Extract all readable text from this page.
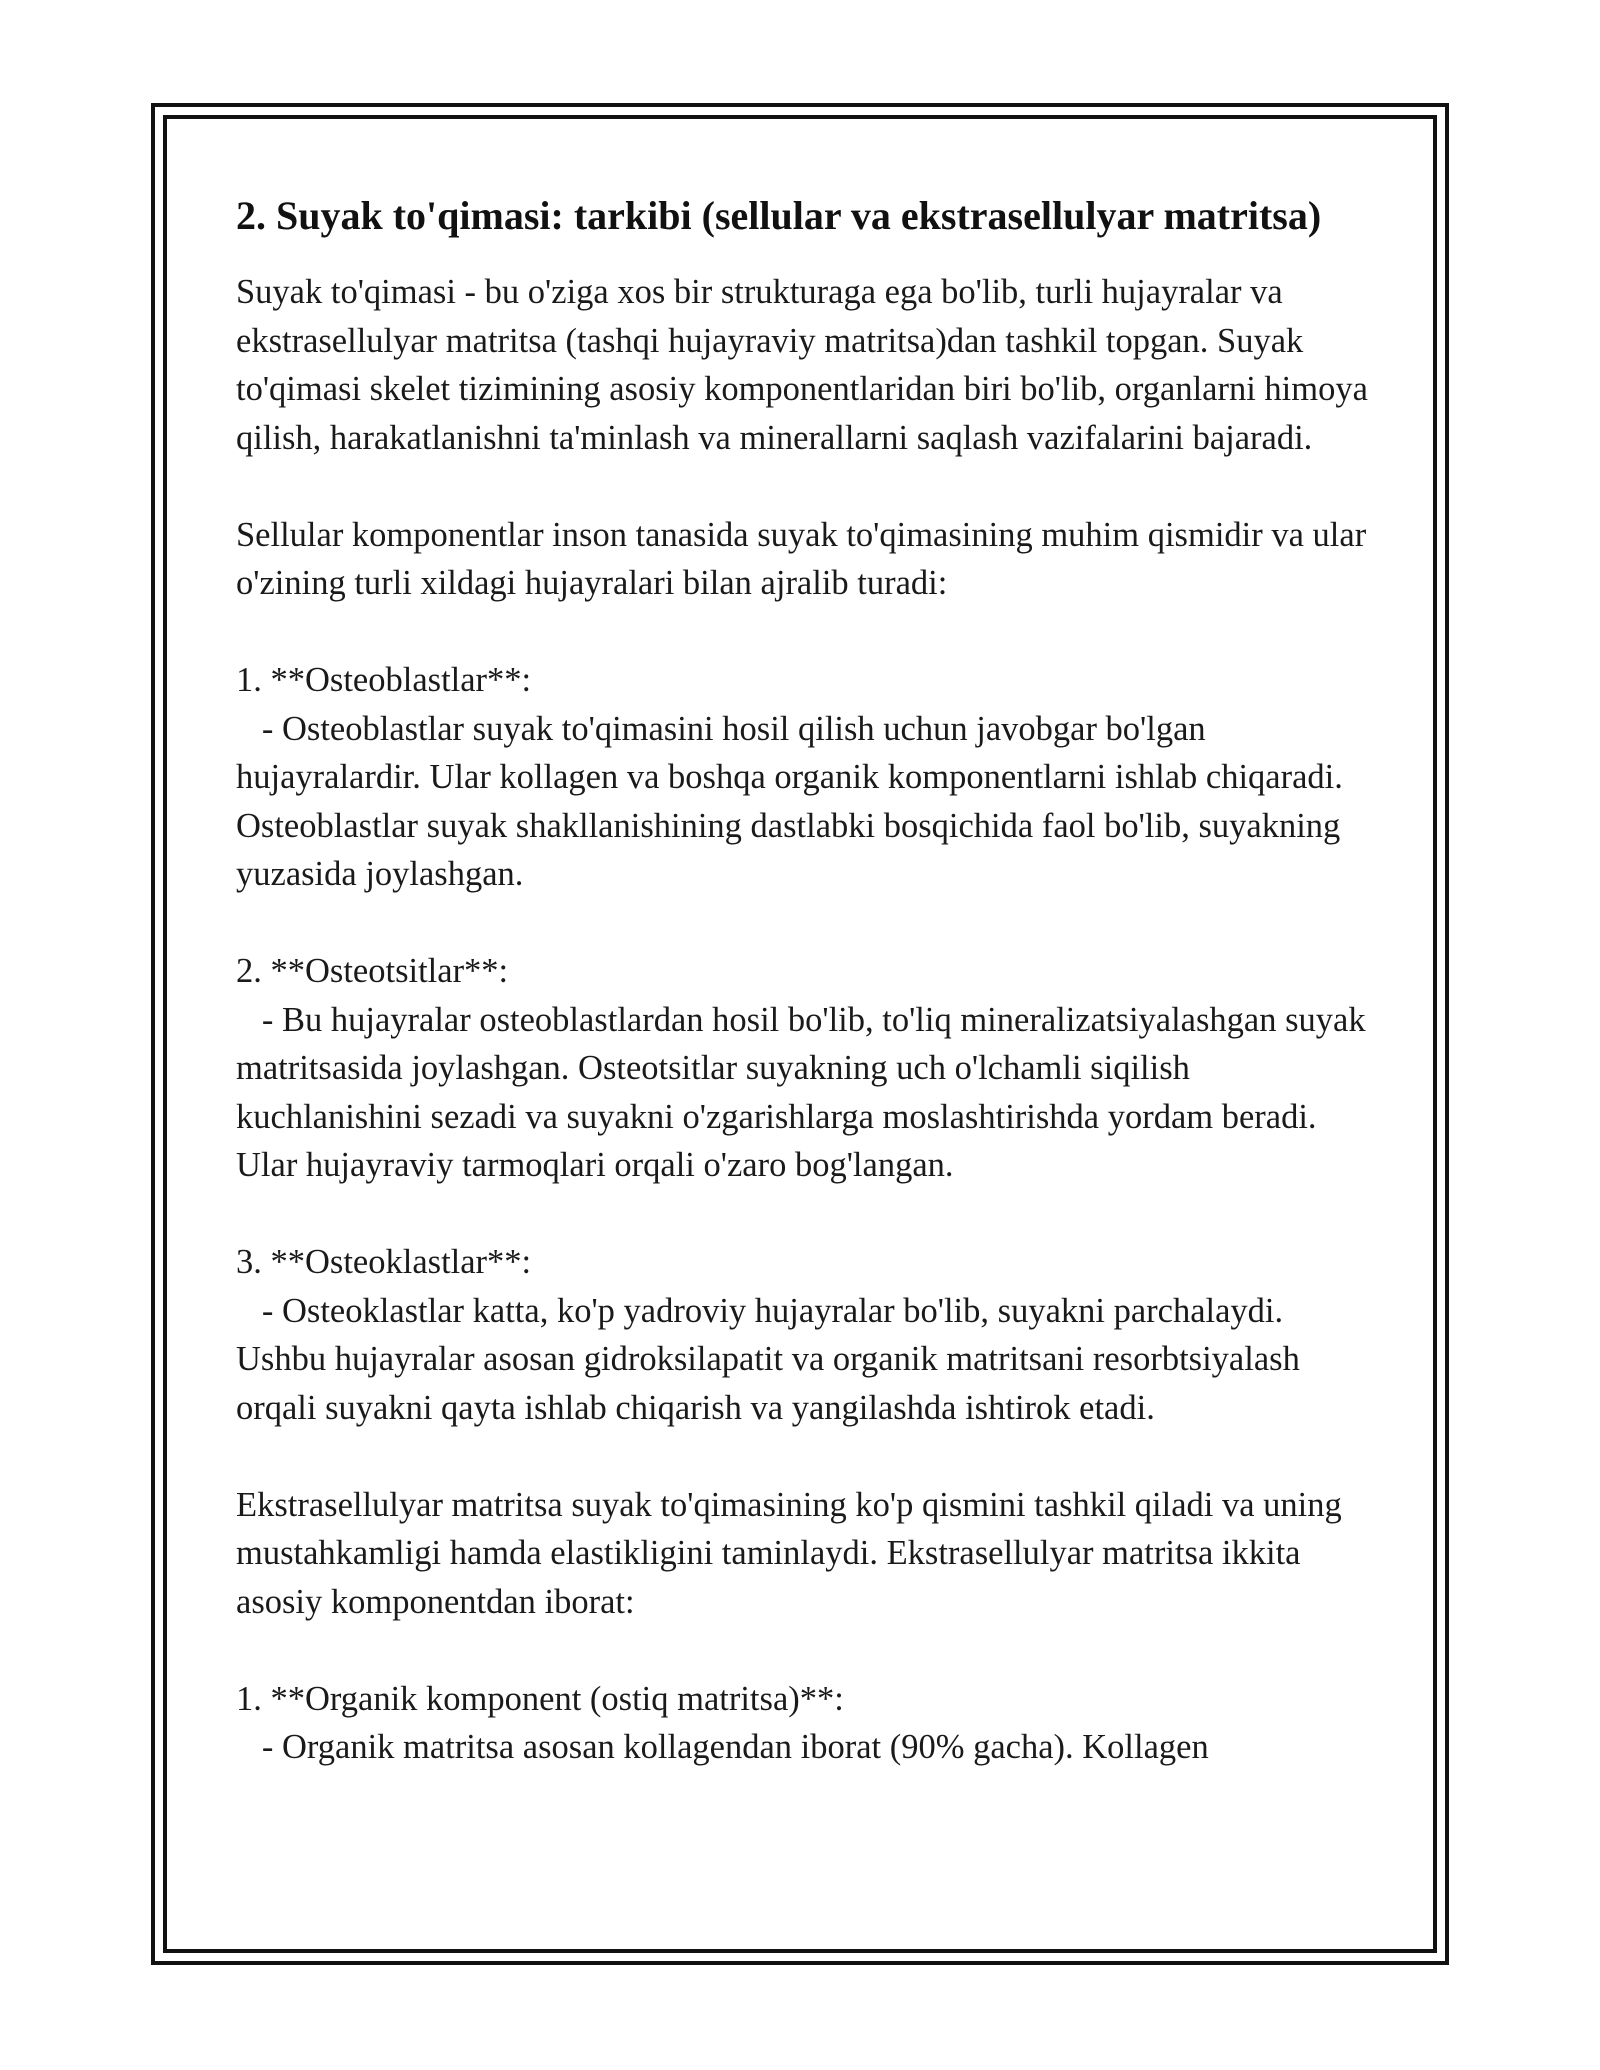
2. Suyak to'qimasi: tarkibi (sellular va ekstrasellulyar matritsa)

Suyak to'qimasi - bu o'ziga xos bir strukturaga ega bo'lib, turli hujayralar va ekstrasellulyar matritsa (tashqi hujayraviy matritsa)dan tashkil topgan. Suyak to'qimasi skelet tizimining asosiy komponentlaridan biri bo'lib, organlarni himoya qilish, harakatlanishni ta'minlash va minerallarni saqlash vazifalarini bajaradi.

Sellular komponentlar inson tanasida suyak to'qimasining muhim qismidir va ular o'zining turli xildagi hujayralari bilan ajralib turadi:

1. **Osteoblastlar**:
- Osteoblastlar suyak to'qimasini hosil qilish uchun javobgar bo'lgan hujayralardir. Ular kollagen va boshqa organik komponentlarni ishlab chiqaradi. Osteoblastlar suyak shakllanishining dastlabki bosqichida faol bo'lib, suyakning yuzasida joylashgan.

2. **Osteotsitlar**:
- Bu hujayralar osteoblastlardan hosil bo'lib, to'liq mineralizatsiyalashgan suyak matritsasida joylashgan. Osteotsitlar suyakning uch o'lchamli siqilish kuchlanishini sezadi va suyakni o'zgarishlarga moslashtirishda yordam beradi. Ular hujayraviy tarmoqlari orqali o'zaro bog'langan.

3. **Osteoklastlar**:
- Osteoklastlar katta, ko'p yadroviy hujayralar bo'lib, suyakni parchalaydi. Ushbu hujayralar asosan gidroksilapatit va organik matritsani resorbtsiyalash orqali suyakni qayta ishlab chiqarish va yangilashda ishtirok etadi.

Ekstrasellulyar matritsa suyak to'qimasining ko'p qismini tashkil qiladi va uning mustahkamligi hamda elastikligini taminlaydi. Ekstrasellulyar matritsa ikkita asosiy komponentdan iborat:

1. **Organik komponent (ostiq matritsa)**:
- Organik matritsa asosan kollagendan iborat (90% gacha). Kollagen
